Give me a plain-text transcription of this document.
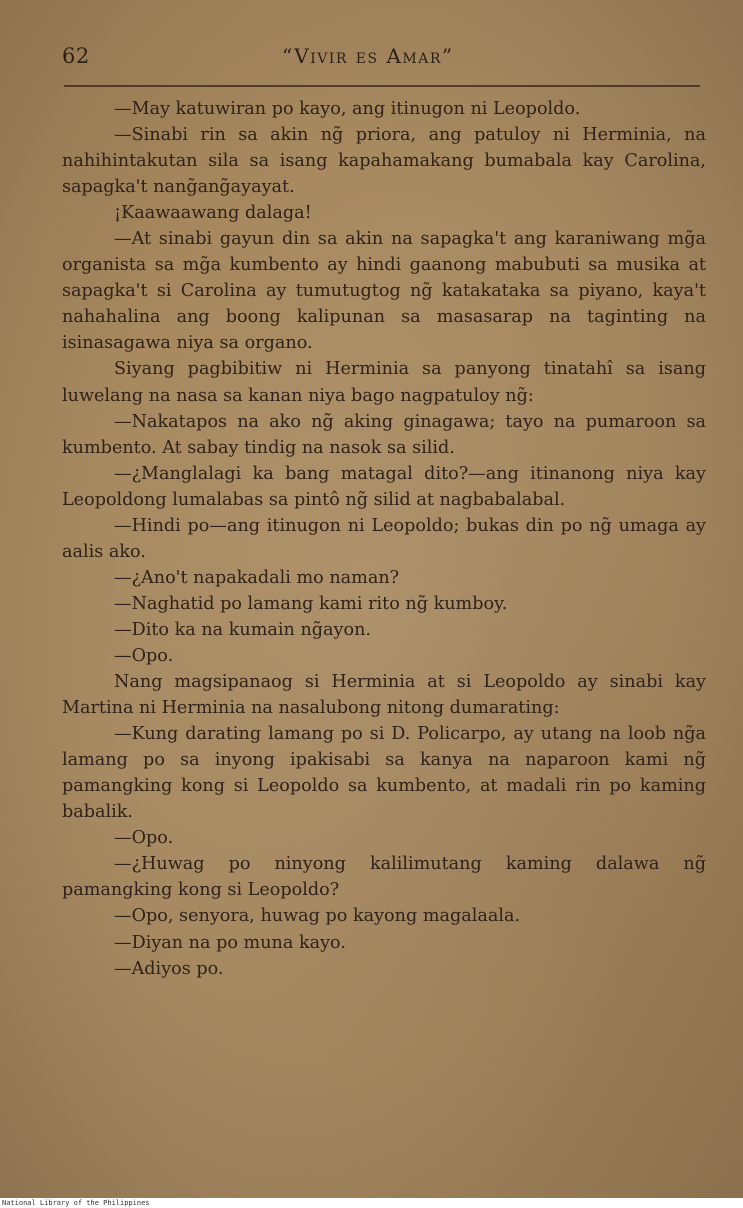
62	“Vivir es Amar”

—May katuwiran po kayo, ang itinugon ni Leopoldo.

—Sinabi rin sa akin ng̃ priora, ang patuloy ni Herminia, na nahihintakutan sila sa isang kapahamakang bumabala kay Carolina, sapagka't nang̃ang̃ayayat.

¡Kaawaawang dalaga!

—At sinabi gayun din sa akin na sapagka't ang karaniwang mg̃a organista sa mg̃a kumbento ay hindi gaanong mabubuti sa musika at sapagka't si Carolina ay tumutugtog ng̃ katakataka sa piyano, kaya't nahahalina ang boong kalipunan sa masasarap na taginting na isinasagawa niya sa organo.

Siyang pagbibitiw ni Herminia sa panyong tinatahî sa isang luwelang na nasa sa kanan niya bago nagpatuloy ng̃:

—Nakatapos na ako ng̃ aking ginagawa; tayo na pumaroon sa kumbento. At sabay tindig na nasok sa silid.

—¿Manglalagi ka bang matagal dito?—ang itinanong niya kay Leopoldong lumalabas sa pintô ng̃ silid at nagbabalabal.

—Hindi po—ang itinugon ni Leopoldo; bukas din po ng̃ umaga ay aalis ako.

—¿Ano't napakadali mo naman?

—Naghatid po lamang kami rito ng̃ kumboy.

—Dito ka na kumain ng̃ayon.

—Opo.

Nang magsipanaog si Herminia at si Leopoldo ay sinabi kay Martina ni Herminia na nasalubong nitong dumarating:

—Kung darating lamang po si D. Policarpo, ay utang na loob ng̃a lamang po sa inyong ipakisabi sa kanya na naparoon kami ng̃ pamangking kong si Leopoldo sa kumbento, at madali rin po kaming babalik.

—Opo.

—¿Huwag po ninyong kalilimutang kaming dalawa ng̃ pamangking kong si Leopoldo?

—Opo, senyora, huwag po kayong magalaala.

—Diyan na po muna kayo.

—Adiyos po.

National Library of the Philippines
